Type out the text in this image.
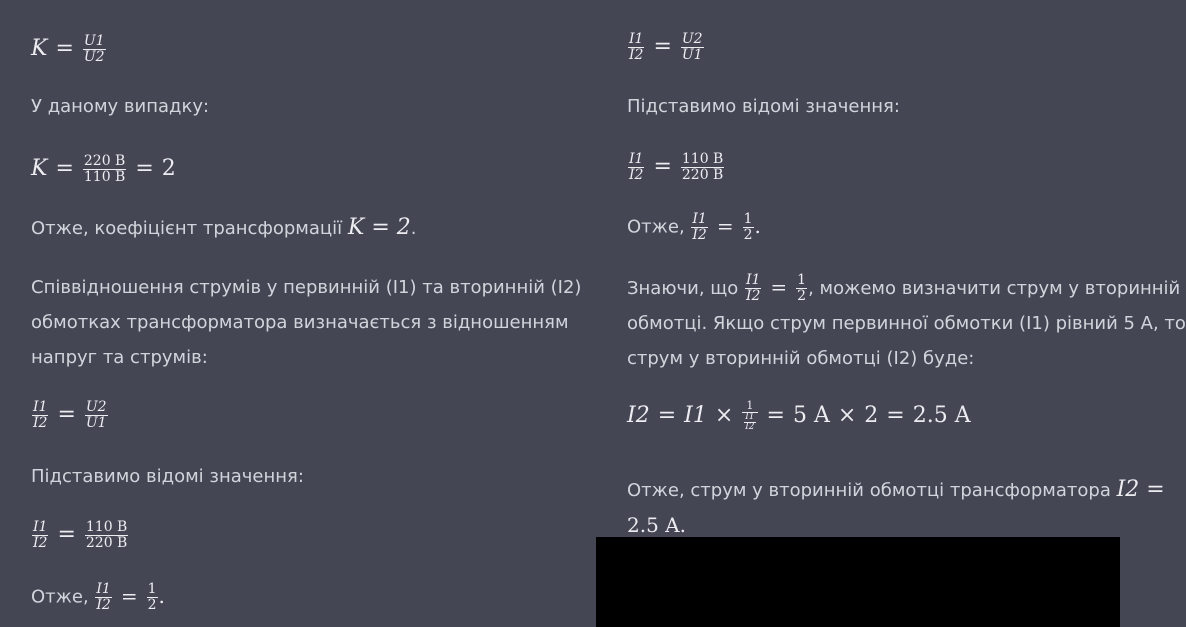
$K = \frac{U1}{U2}$
У даному випадку:
$K = \frac{220 В}{110 В} = 2$
Отже, коефіцієнт трансформації K = 2.
Співвідношення струмів у первинній (I1) та вторинній (I2)
обмотках трансформатора визначається з відношенням
напруг та струмів:
$\frac{I1}{I2} = \frac{U2}{U1}$
Підставимо відомі значення:
$\frac{I1}{I2} = \frac{110 В}{220 В}$
Отже, $\frac{I1}{I2} = \frac{1}{2}$ .
$\frac{I1}{I2} = \frac{U2}{U1}$
Підставимо відомі значення:
$\frac{I1}{I2} = \frac{110 В}{220 В}$
Отже, $\frac{I1}{I2} = \frac{1}{2}$ .
Знаючи, що $\frac{I1}{I2} = \frac{1}{2}$ , можемо визначити струм у вторинній
обмотці. Якщо струм первинної обмотки (I1) рівний 5 А, то
струм у вторинній обмотці (I2) буде:
$I2 = I1 \times \frac{1}{\frac{I1}{I2}} = 5$ A × 2 = 2.5 A
Отже, струм у вторинній обмотці трансформатора I2 =
2.5 A.
